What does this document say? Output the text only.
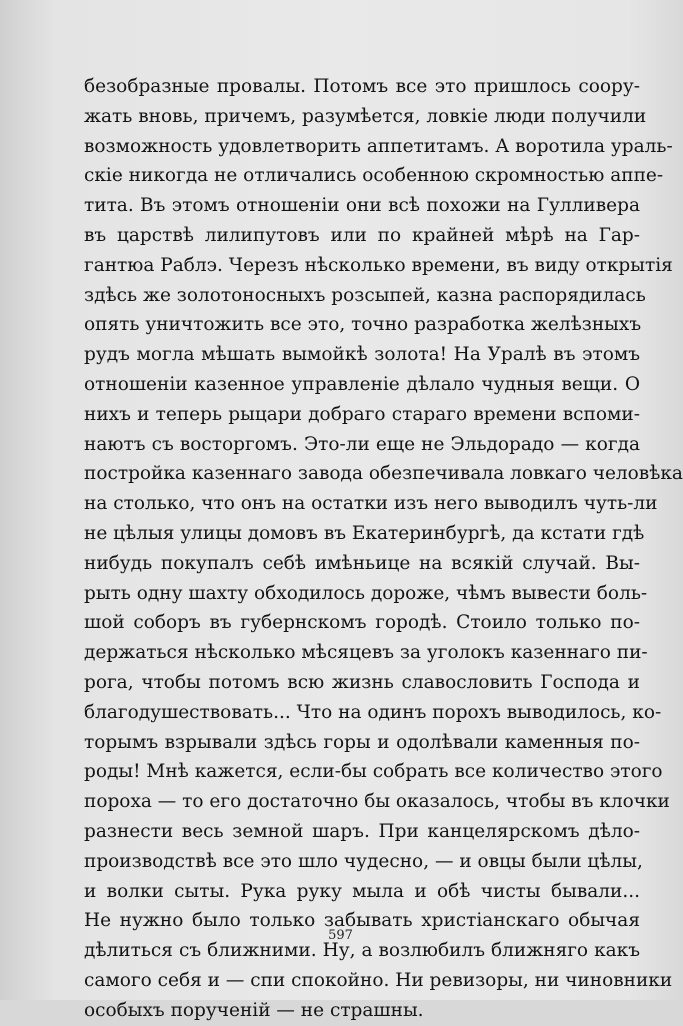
безобразные провалы. Потомъ все это пришлось соору-
жать вновь, причемъ, разумѣется, ловкіе люди получили
возможность удовлетворить аппетитамъ. А воротила ураль-
скіе никогда не отличались особенною скромностью аппе-
тита. Въ этомъ отношеніи они всѣ похожи на Гулливера
въ царствѣ лилипутовъ или по крайней мѣрѣ на Гар-
гантюа Раблэ. Черезъ нѣсколько времени, въ виду открытія
здѣсь же золотоносныхъ розсыпей, казна распорядилась
опять уничтожить все это, точно разработка желѣзныхъ
рудъ могла мѣшать вымойкѣ золота! На Уралѣ въ этомъ
отношеніи казенное управленіе дѣлало чудныя вещи. О
нихъ и теперь рыцари добраго стараго времени вспоми-
наютъ съ восторгомъ. Это-ли еще не Эльдорадо — когда
постройка казеннаго завода обезпечивала ловкаго человѣка
на столько, что онъ на остатки изъ него выводилъ чуть-ли
не цѣлыя улицы домовъ въ Екатеринбургѣ, да кстати гдѣ
нибудь покупалъ себѣ имѣньице на всякій случай. Вы-
рыть одну шахту обходилось дороже, чѣмъ вывести боль-
шой соборъ въ губернскомъ городѣ. Стоило только по-
держаться нѣсколько мѣсяцевъ за уголокъ казеннаго пи-
рога, чтобы потомъ всю жизнь славословить Господа и
благодушествовать... Что на одинъ порохъ выводилось, ко-
торымъ взрывали здѣсь горы и одолѣвали каменныя по-
роды! Мнѣ кажется, если-бы собрать все количество этого
пороха — то его достаточно бы оказалось, чтобы въ клочки
разнести весь земной шаръ. При канцелярскомъ дѣло-
производствѣ все это шло чудесно, — и овцы были цѣлы,
и волки сыты. Рука руку мыла и обѣ чисты бывали...
Не нужно было только забывать христіанскаго обычая
дѣлиться съ ближними. Ну, а возлюбилъ ближняго какъ
самого себя и — спи спокойно. Ни ревизоры, ни чиновники
особыхъ порученій — не страшны.
597
